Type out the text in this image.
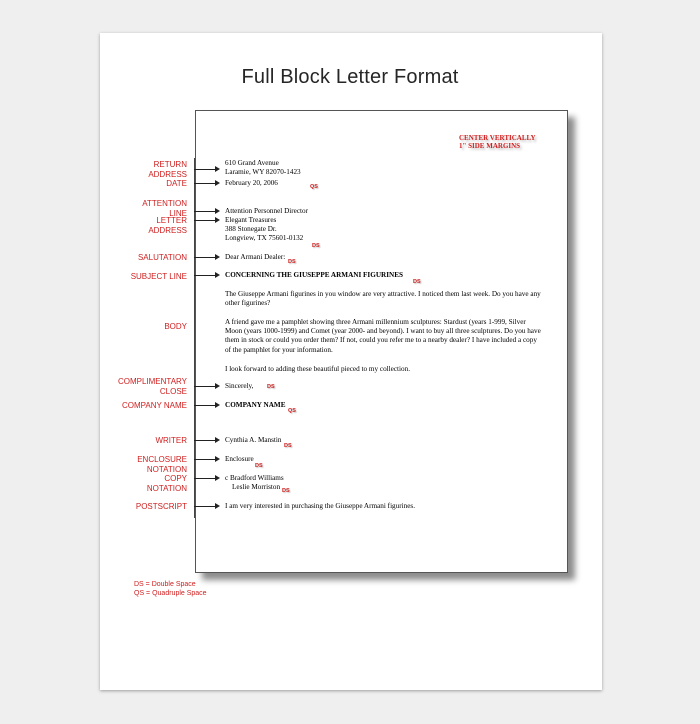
Full Block Letter Format
CENTER VERTICALLY
1" SIDE MARGINS
RETURN
ADDRESS
DATE
ATTENTION
LINE
LETTER
ADDRESS
SALUTATION
SUBJECT LINE
BODY
COMPLIMENTARY
CLOSE
COMPANY NAME
WRITER
ENCLOSURE
NOTATION
COPY
NOTATION
POSTSCRIPT
610 Grand Avenue
Laramie, WY 82070-1423
February 20, 2006	QS
Attention Personnel Director
Elegant Treasures
388 Stonegate Dr.
Longview, TX 75601-0132
DS
Dear Armani Dealer:
DS
CONCERNING THE GIUSEPPE ARMANI FIGURINES
DS
The Giuseppe Armani figurines in you window are very attractive. I noticed them last week. Do you have any other figurines?
A friend gave me a pamphlet showing three Armani millennium sculptures: Stardust (years 1-999, Silver Moon (years 1000-1999) and Comet (year 2000- and beyond). I want to buy all three sculptures. Do you have them in stock or could you order them? If not, could you refer me to a nearby dealer? I have included a copy of the pamphlet for your information.
I look forward to adding these beautiful pieced to my collection.
Sincerely, DS
COMPANY NAME
QS
Cynthia A. Manstin
DS
Enclosure
DS
c Bradford Williams
Leslie Morriston DS
I am very interested in purchasing the Giuseppe Armani figurines.
DS = Double Space
QS = Quadruple Space
